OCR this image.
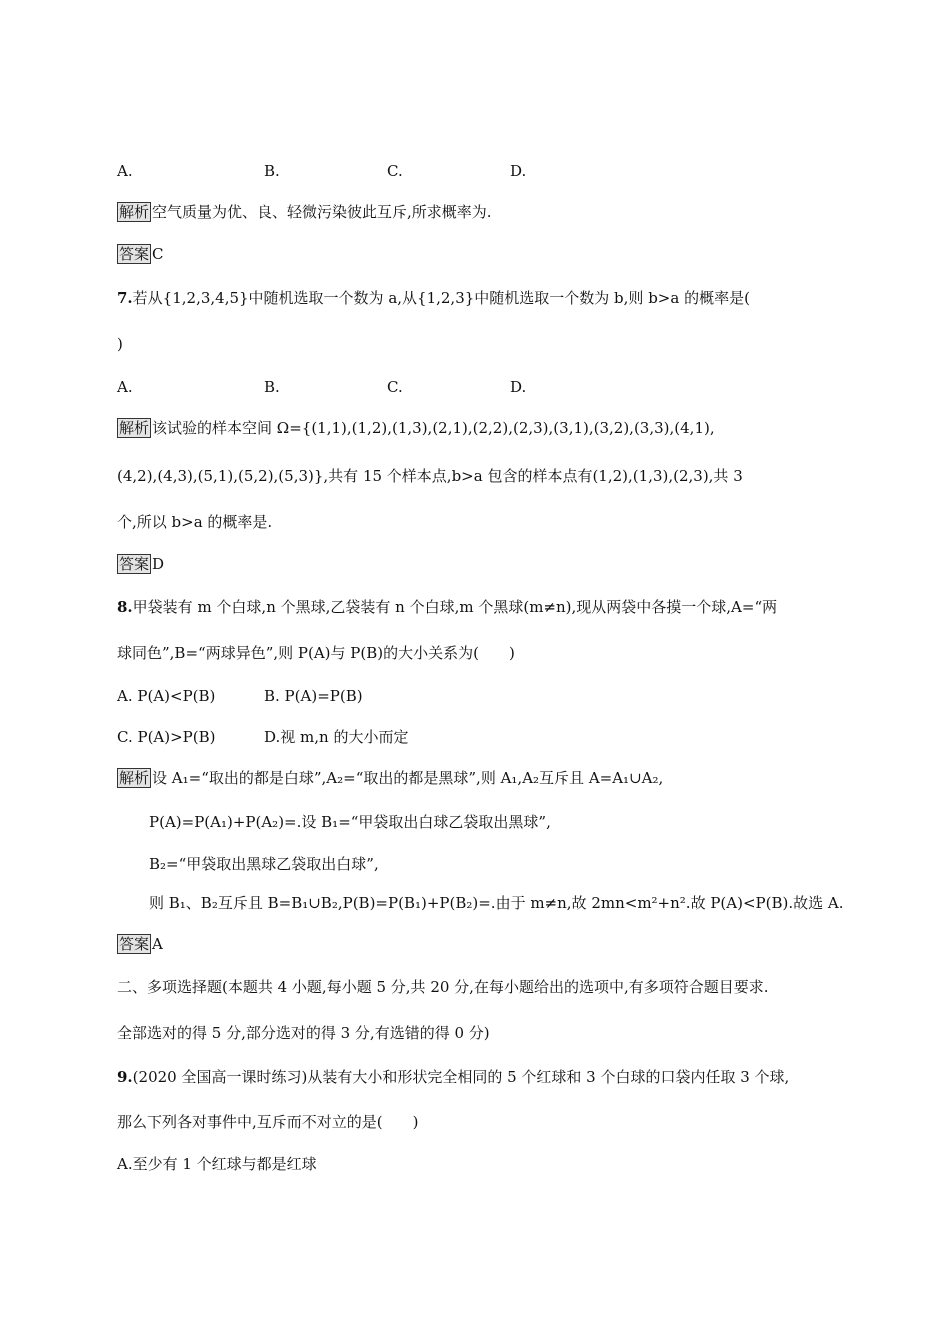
A.	B.	C.	D.
解析 空气质量为优、良、轻微污染彼此互斥,所求概率为.
答案 C
7.若从{1,2,3,4,5}中随机选取一个数为 a,从{1,2,3}中随机选取一个数为 b,则 b>a 的概率是(
)
A.	B.	C.	D.
解析 该试验的样本空间 Ω={(1,1),(1,2),(1,3),(2,1),(2,2),(2,3),(3,1),(3,2),(3,3),(4,1),
(4,2),(4,3),(5,1),(5,2),(5,3)},共有 15 个样本点,b>a 包含的样本点有(1,2),(1,3),(2,3),共 3
个,所以 b>a 的概率是.
答案 D
8.甲袋装有 m 个白球,n 个黑球,乙袋装有 n 个白球,m 个黑球(m≠n),现从两袋中各摸一个球,A=“两
球同色”,B=“两球异色”,则 P(A)与 P(B)的大小关系为(　　)
A. P(A)<P(B)	B. P(A)=P(B)
C. P(A)>P(B)	D.视 m,n 的大小而定
解析 设 A₁=“取出的都是白球”,A₂=“取出的都是黑球”,则 A₁,A₂互斥且 A=A₁∪A₂,
P(A)=P(A₁)+P(A₂)=.设 B₁=“甲袋取出白球乙袋取出黑球”,
B₂=“甲袋取出黑球乙袋取出白球”,
则 B₁、B₂互斥且 B=B₁∪B₂,P(B)=P(B₁)+P(B₂)=.由于 m≠n,故 2mn<m²+n².故 P(A)<P(B).故选 A.
答案 A
二、多项选择题(本题共 4 小题,每小题 5 分,共 20 分,在每小题给出的选项中,有多项符合题目要求.
全部选对的得 5 分,部分选对的得 3 分,有选错的得 0 分)
9.(2020 全国高一课时练习)从装有大小和形状完全相同的 5 个红球和 3 个白球的口袋内任取 3 个球,
那么下列各对事件中,互斥而不对立的是(　　)
A.至少有 1 个红球与都是红球
